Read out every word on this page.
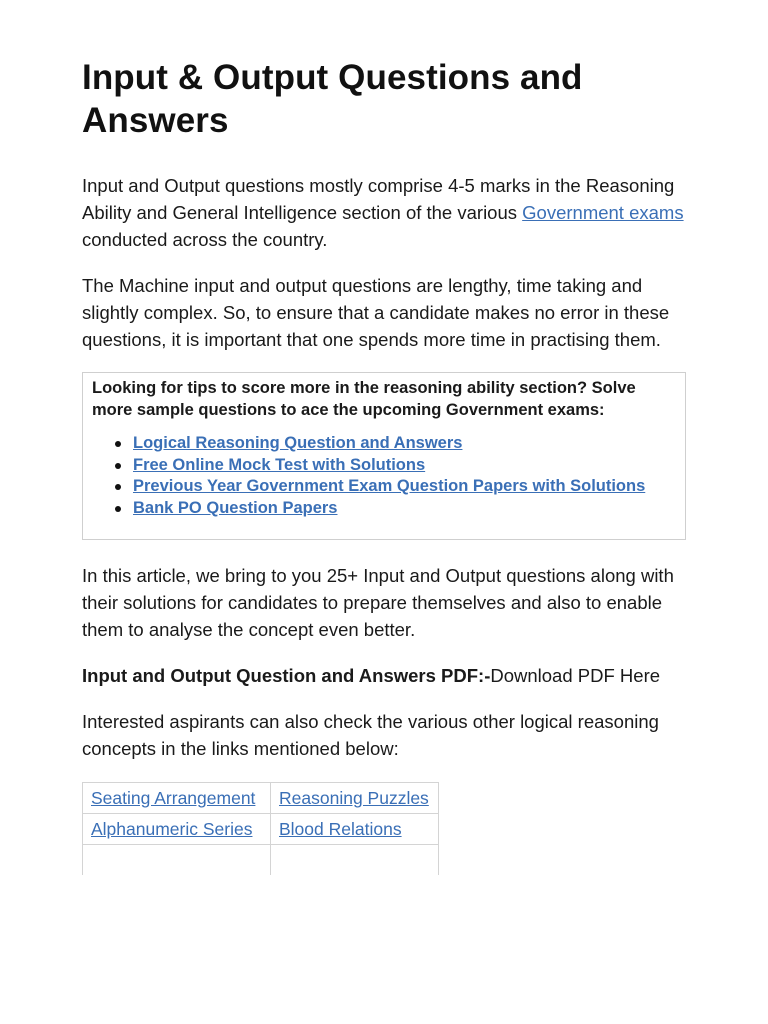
Input & Output Questions and Answers

Input and Output questions mostly comprise 4-5 marks in the Reasoning Ability and General Intelligence section of the various Government exams conducted across the country.

The Machine input and output questions are lengthy, time taking and slightly complex. So, to ensure that a candidate makes no error in these questions, it is important that one spends more time in practising them.

Looking for tips to score more in the reasoning ability section? Solve more sample questions to ace the upcoming Government exams:
Logical Reasoning Question and Answers
Free Online Mock Test with Solutions
Previous Year Government Exam Question Papers with Solutions
Bank PO Question Papers

In this article, we bring to you 25+ Input and Output questions along with their solutions for candidates to prepare themselves and also to enable them to analyse the concept even better.

Input and Output Question and Answers PDF:-Download PDF Here

Interested aspirants can also check the various other logical reasoning concepts in the links mentioned below:

Seating Arrangement	Reasoning Puzzles
Alphanumeric Series	Blood Relations
